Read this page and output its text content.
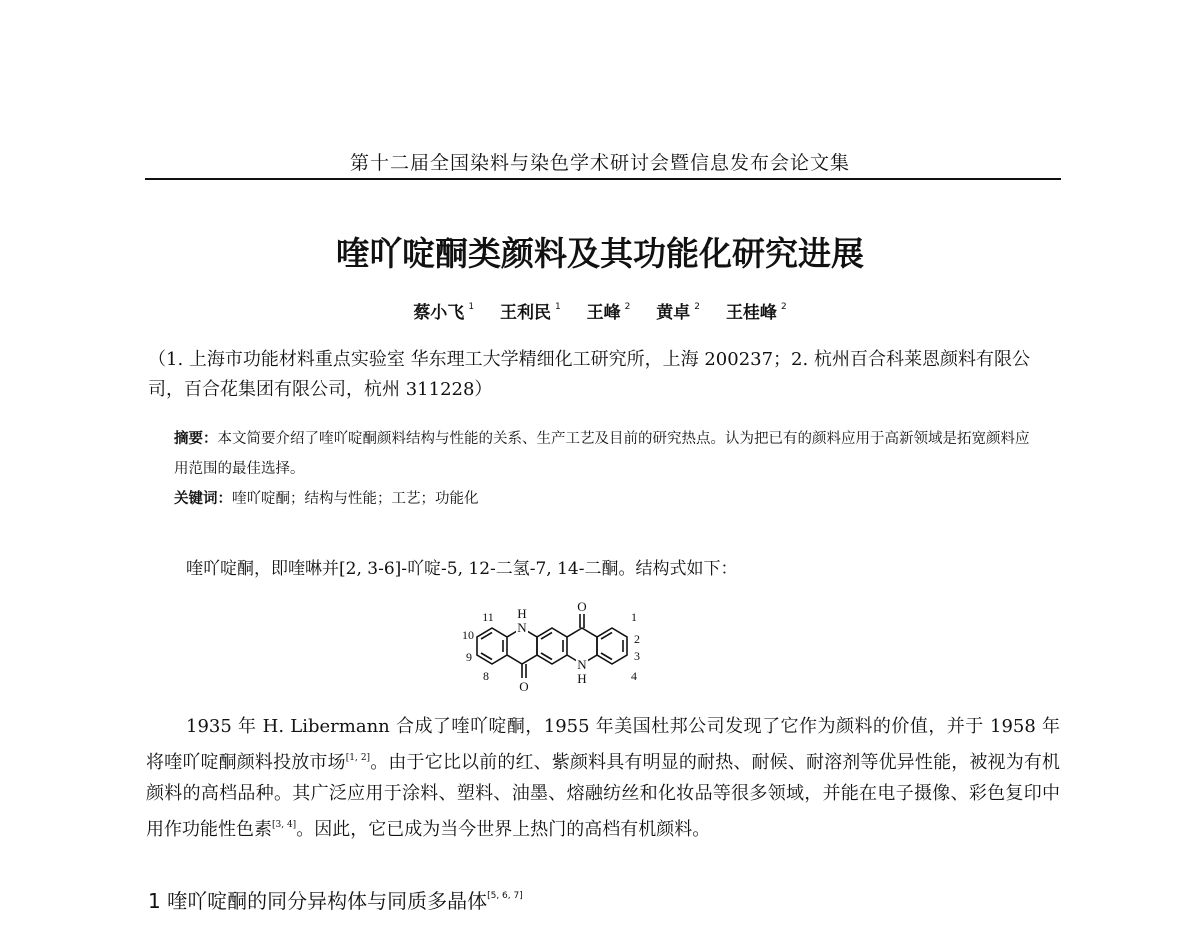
第十二届全国染料与染色学术研讨会暨信息发布会论文集
喹吖啶酮类颜料及其功能化研究进展
蔡小飞 $^1$ 王利民 $^1$ 王峰 $^2$ 黄卓 $^2$ 王桂峰 $^2$
（1. 上海市功能材料重点实验室 华东理工大学精细化工研究所，上海 200237；2. 杭州百合科莱恩颜料有限公司，百合花集团有限公司，杭州 311228）

摘要：本文简要介绍了喹吖啶酮颜料结构与性能的关系、生产工艺及目前的研究热点。认为把已有的颜料应用于高新领域是拓宽颜料应用范围的最佳选择。

关键词：喹吖啶酮；结构与性能；工艺；功能化

喹吖啶酮，即喹啉并[2, 3-6]-吖啶-5, 12-二氢-7, 14-二酮。结构式如下：
N
H	O
N
H
O
1
2
3
4
8
9
10
11
1935 年 H. Libermann 合成了喹吖啶酮，1955 年美国杜邦公司发现了它作为颜料的价值，并于 1958 年将喹吖啶酮颜料投放市场[1, 2]。由于它比以前的红、紫颜料具有明显的耐热、耐候、耐溶剂等优异性能，被视为有机颜料的高档品种。其广泛应用于涂料、塑料、油墨、熔融纺丝和化妆品等很多领域，并能在电子摄像、彩色复印中用作功能性色素[3, 4]。因此，它已成为当今世界上热门的高档有机颜料。
1 喹吖啶酮的同分异构体与同质多晶体[5, 6, 7]
